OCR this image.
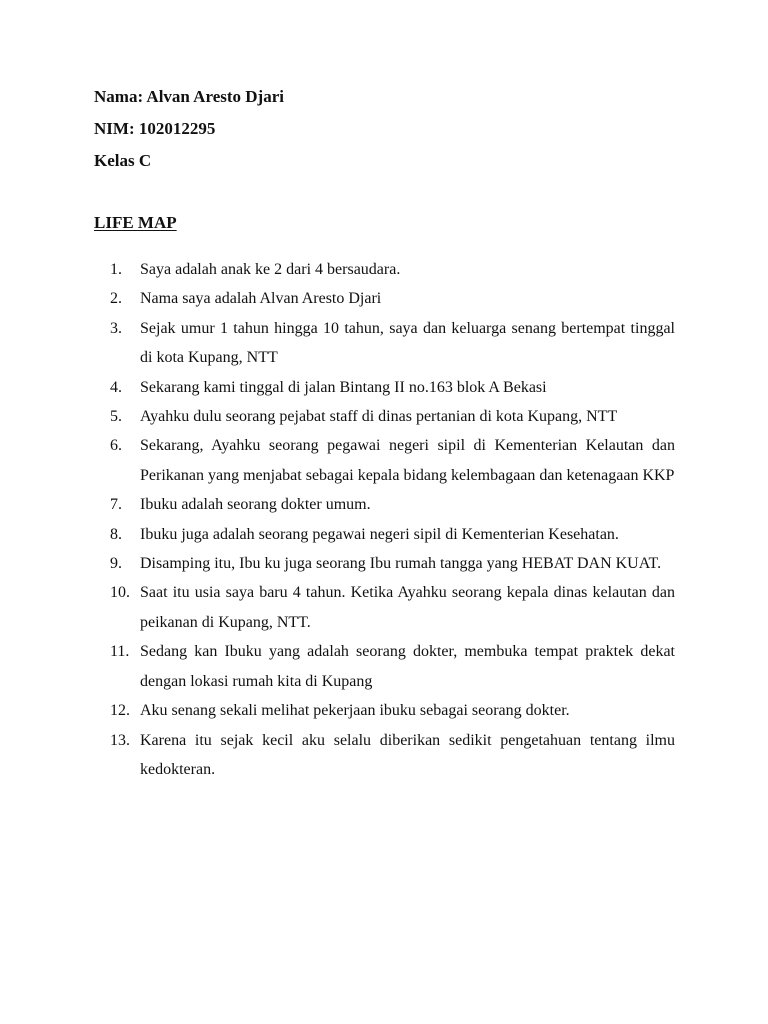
Nama: Alvan Aresto Djari
NIM: 102012295
Kelas C
LIFE MAP
1. Saya adalah anak ke 2 dari 4 bersaudara.
2. Nama saya adalah Alvan Aresto Djari
3. Sejak umur 1 tahun hingga 10 tahun, saya dan keluarga senang bertempat tinggal di kota Kupang, NTT
4. Sekarang kami tinggal di jalan Bintang II no.163 blok A Bekasi
5. Ayahku dulu seorang pejabat staff di dinas pertanian di kota Kupang, NTT
6. Sekarang, Ayahku seorang pegawai negeri sipil di Kementerian Kelautan dan Perikanan yang menjabat sebagai kepala bidang kelembagaan dan ketenagaan KKP
7. Ibuku adalah seorang dokter umum.
8. Ibuku juga adalah seorang pegawai negeri sipil di Kementerian Kesehatan.
9. Disamping itu, Ibu ku juga seorang Ibu rumah tangga yang HEBAT DAN KUAT.
10. Saat itu usia saya baru 4 tahun. Ketika Ayahku seorang kepala dinas kelautan dan peikanan di Kupang, NTT.
11. Sedang kan Ibuku yang adalah seorang dokter, membuka tempat praktek dekat dengan lokasi rumah kita di Kupang
12. Aku senang sekali melihat pekerjaan ibuku sebagai seorang dokter.
13. Karena itu sejak kecil aku selalu diberikan sedikit pengetahuan tentang ilmu kedokteran.
